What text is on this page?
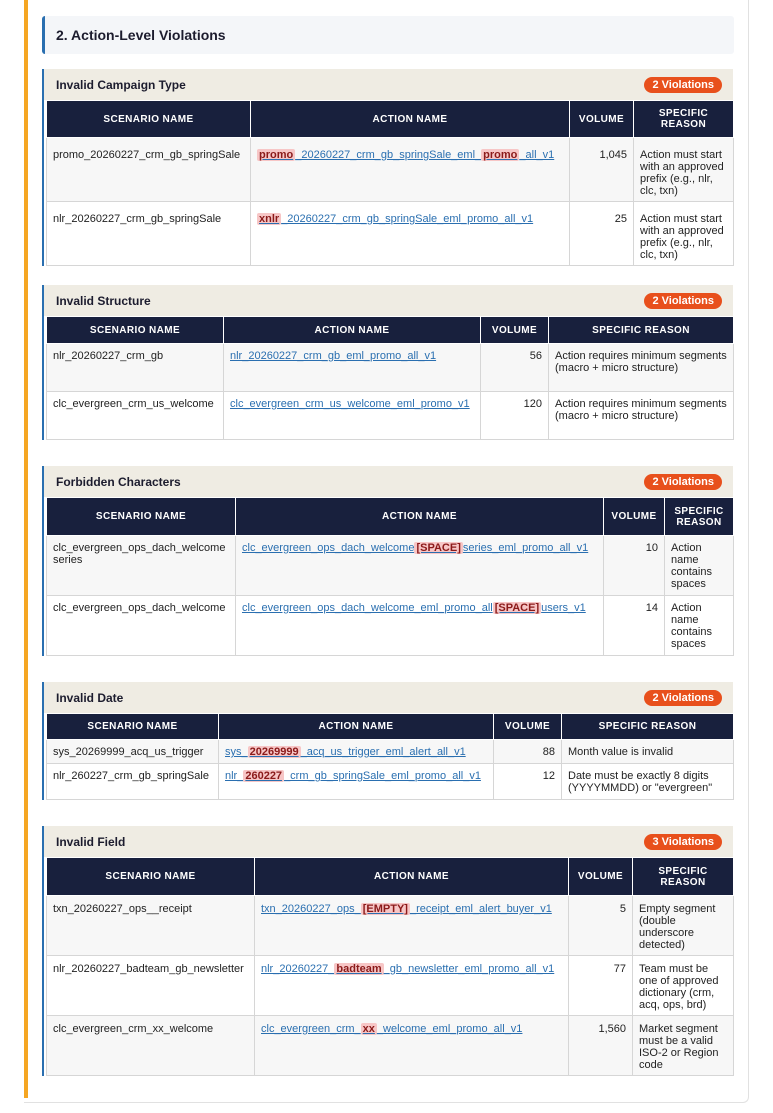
2. Action-Level Violations
Invalid Campaign Type	2 Violations
SCENARIO NAME	ACTION NAME	VOLUME	SPECIFIC REASON
promo_20260227_crm_gb_springSale	promo _20260227_crm_gb_springSale_eml_ promo _all_v1	1,045	Action must start with an approved prefix (e.g., nlr, clc, txn)
nlr_20260227_crm_gb_springSale	xnlr _20260227_crm_gb_springSale_eml_promo_all_v1	25	Action must start with an approved prefix (e.g., nlr, clc, txn)
Invalid Structure	2 Violations
SCENARIO NAME	ACTION NAME	VOLUME	SPECIFIC REASON
nlr_20260227_crm_gb	nlr_20260227_crm_gb_eml_promo_all_v1	56	Action requires minimum segments (macro + micro structure)
clc_evergreen_crm_us_welcome	clc_evergreen_crm_us_welcome_eml_promo_v1	120	Action requires minimum segments (macro + micro structure)
Forbidden Characters	2 Violations
SCENARIO NAME	ACTION NAME	VOLUME	SPECIFIC REASON
clc_evergreen_ops_dach_welcome series	clc_evergreen_ops_dach_welcome [SPACE] series_eml_promo_all_v1	10	Action name contains spaces
clc_evergreen_ops_dach_welcome	clc_evergreen_ops_dach_welcome_eml_promo_all [SPACE] users_v1	14	Action name contains spaces
Invalid Date	2 Violations
SCENARIO NAME	ACTION NAME	VOLUME	SPECIFIC REASON
sys_20269999_acq_us_trigger	sys_ 20269999 _acq_us_trigger_eml_alert_all_v1	88	Month value is invalid
nlr_260227_crm_gb_springSale	nlr_ 260227 _crm_gb_springSale_eml_promo_all_v1	12	Date must be exactly 8 digits (YYYYMMDD) or "evergreen"
Invalid Field	3 Violations
SCENARIO NAME	ACTION NAME	VOLUME	SPECIFIC REASON
txn_20260227_ops__receipt	txn_20260227_ops_ [EMPTY] _receipt_eml_alert_buyer_v1	5	Empty segment (double underscore detected)
nlr_20260227_badteam_gb_newsletter	nlr_20260227_ badteam _gb_newsletter_eml_promo_all_v1	77	Team must be one of approved dictionary (crm, acq, ops, brd)
clc_evergreen_crm_xx_welcome	clc_evergreen_crm_ xx _welcome_eml_promo_all_v1	1,560	Market segment must be a valid ISO-2 or Region code
